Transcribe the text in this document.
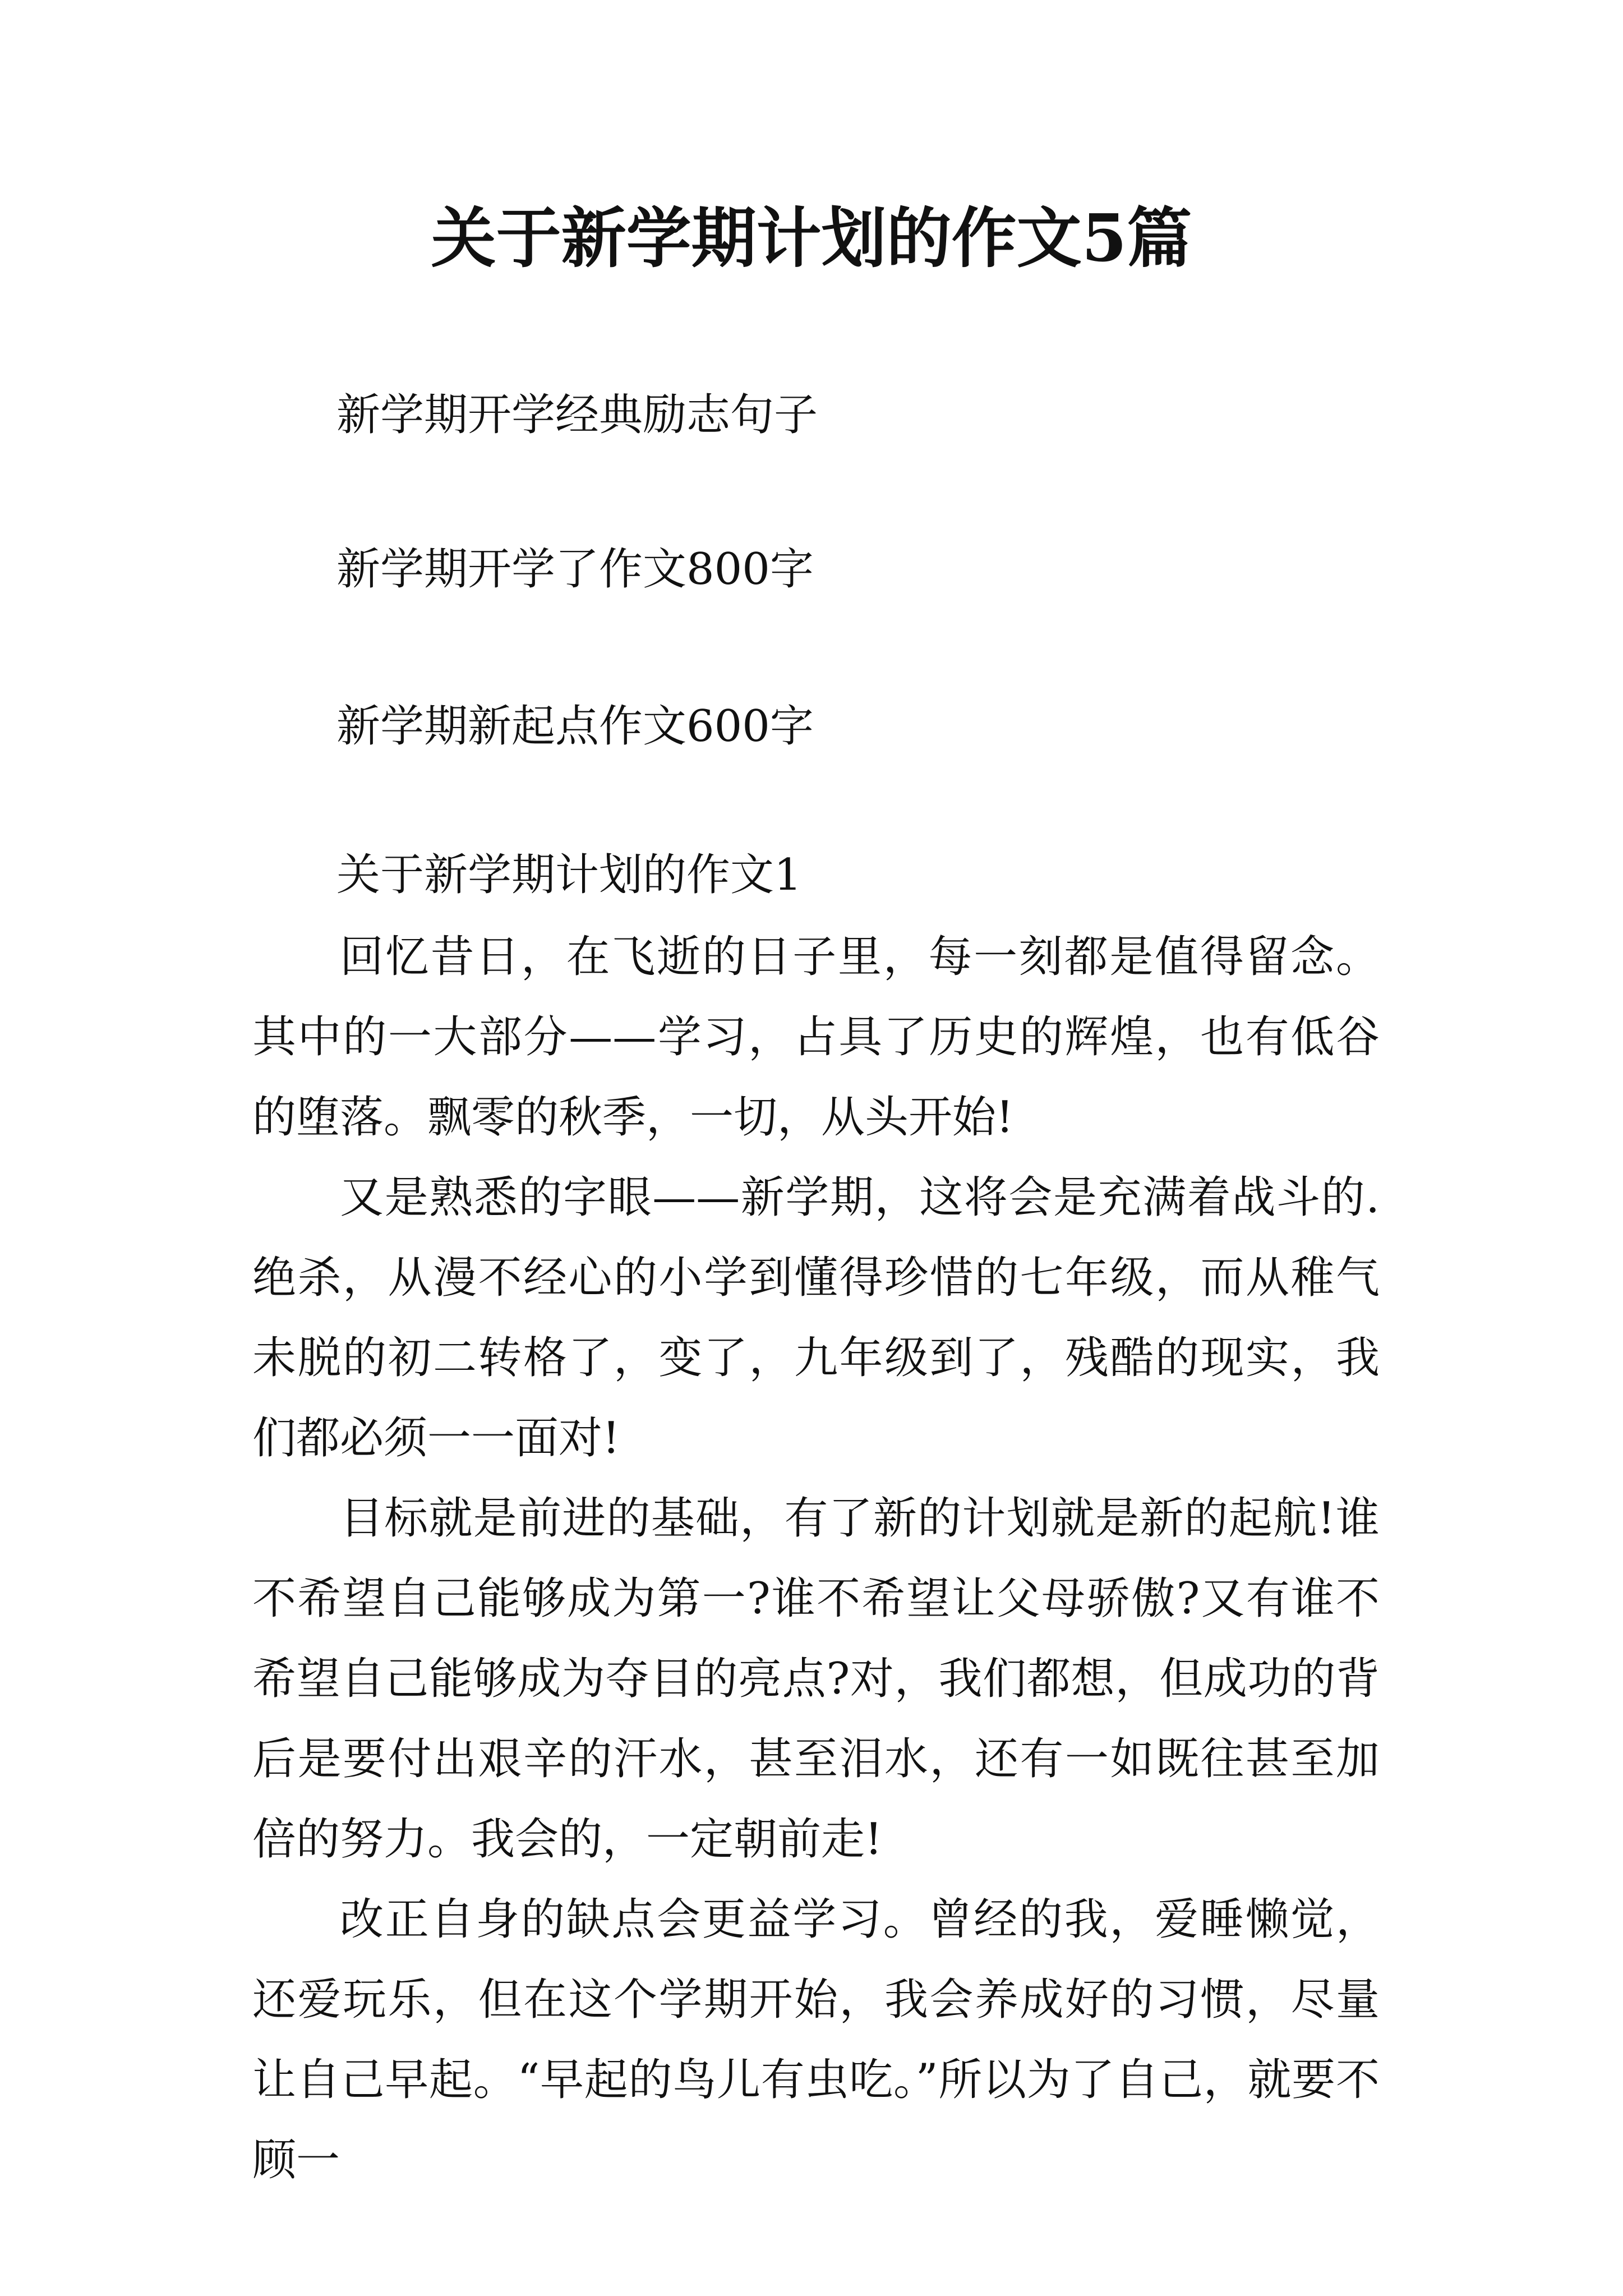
关于新学期计划的作文5篇

新学期开学经典励志句子

新学期开学了作文800字

新学期新起点作文600字

关于新学期计划的作文1

回忆昔日，在飞逝的日子里，每一刻都是值得留念。其中的一大部分——学习，占具了历史的辉煌，也有低谷的堕落。飘零的秋季，一切，从头开始!

又是熟悉的字眼——新学期，这将会是充满着战斗的.绝杀，从漫不经心的小学到懂得珍惜的七年级，而从稚气未脱的初二转格了，变了，九年级到了，残酷的现实，我们都必须一一面对!

目标就是前进的基础，有了新的计划就是新的起航!谁不希望自己能够成为第一?谁不希望让父母骄傲?又有谁不希望自己能够成为夺目的亮点?对，我们都想，但成功的背后是要付出艰辛的汗水，甚至泪水，还有一如既往甚至加倍的努力。我会的，一定朝前走!

改正自身的缺点会更益学习。曾经的我，爱睡懒觉，还爱玩乐，但在这个学期开始，我会养成好的习惯，尽量让自己早起。“早起的鸟儿有虫吃。”所以为了自己，就要不顾一
